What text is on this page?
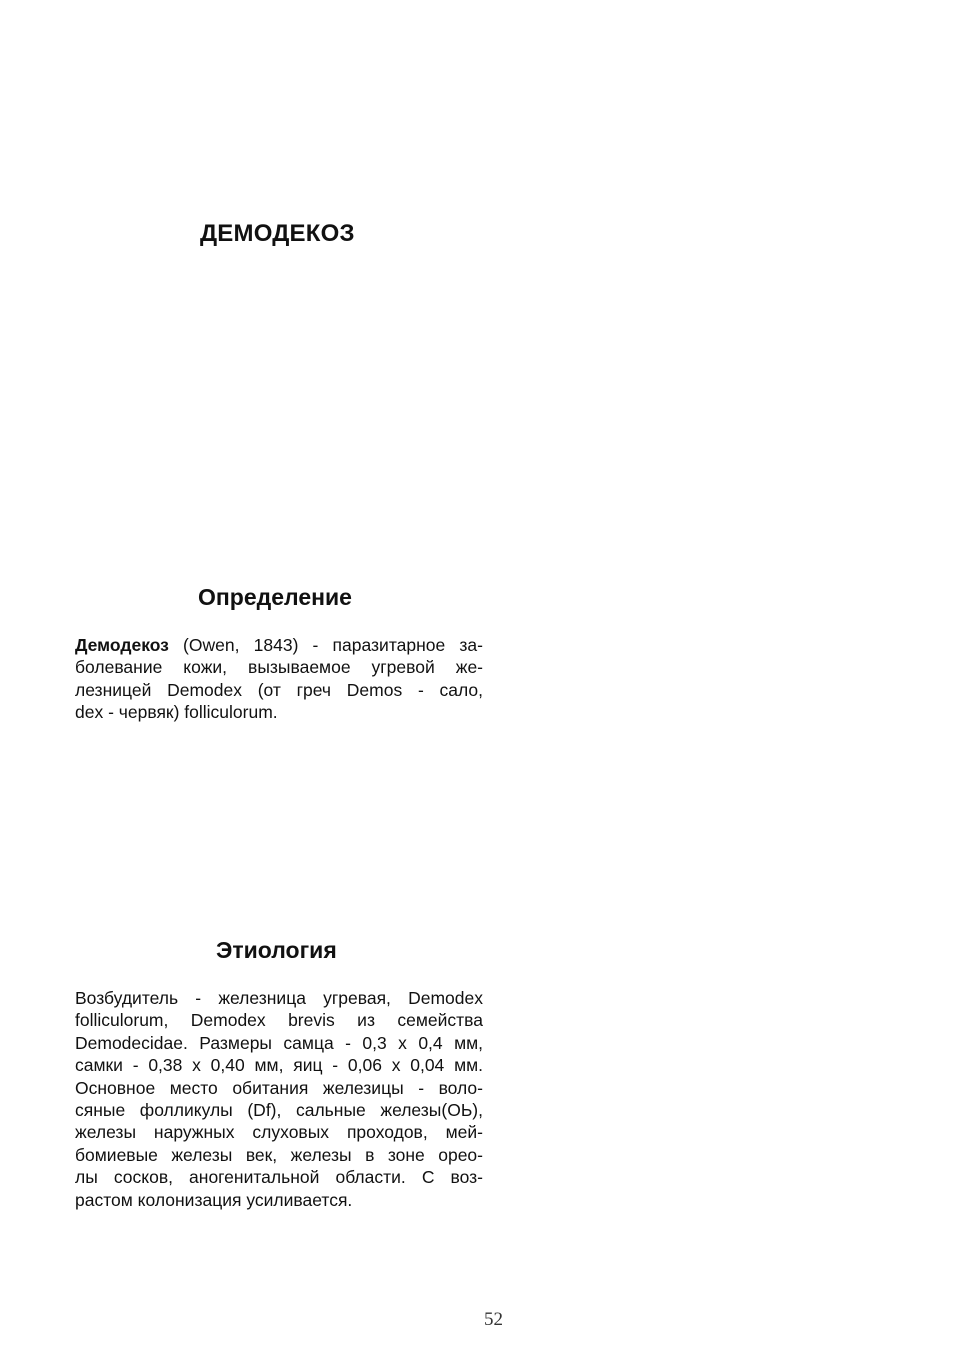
ДЕМОДЕКОЗ
Определение
Демодекоз (Owen, 1843) - паразитарное за-
болевание кожи, вызываемое угревой же-
лезницей Demodex (от греч Demos - сало,
dex - червяк) folliculorum.
Этиология
Возбудитель - железница угревая, Demodex
folliculorum, Demodex brevis из семейства
Demodecidae. Размеры самца - 0,3 x 0,4 мм,
самки - 0,38 x 0,40 мм, яиц - 0,06 x 0,04 мм.
Основное место обитания железицы - воло-
сяные фолликулы (Df), сальные железы(OЬ),
железы наружных слуховых проходов, мей-
бомиевые железы век, железы в зоне орео-
лы сосков, аногенитальной области. С воз-
растом колонизация усиливается.
52
